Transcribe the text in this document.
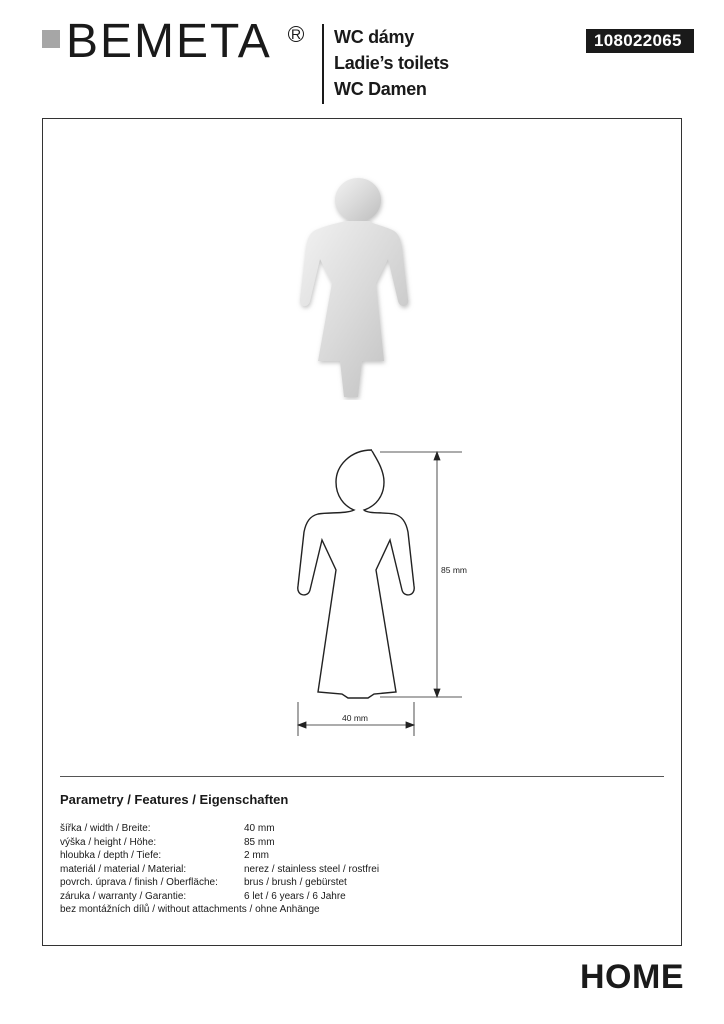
BEMETA R WC dámy
Ladie’s toilets
WC Damen
108022065
85 mm
40 mm
Parametry / Features / Eigenschaften
šířka / width / Breite:	40 mm
výška / height / Höhe:	85 mm
hloubka / depth / Tiefe:	2 mm
materiál / material / Material:	nerez / stainless steel / rostfrei
povrch. úprava / finish / Oberfläche:	brus / brush / gebürstet
záruka / warranty / Garantie:	6 let / 6 years / 6 Jahre
bez montážních dílů / without attachments / ohne Anhänge
HOME
